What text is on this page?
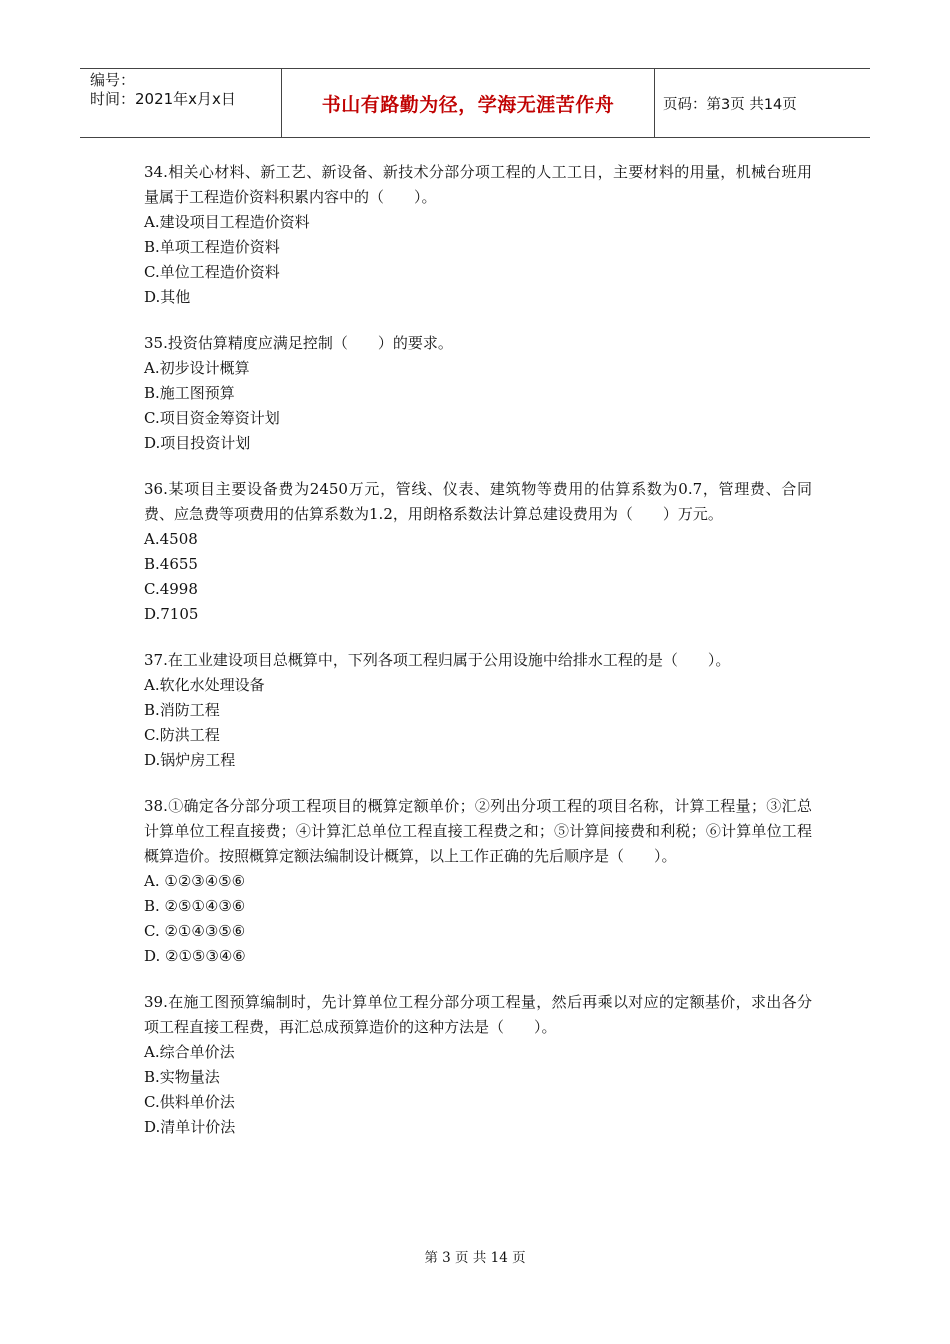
编号：
时间：2021年x月x日	书山有路勤为径，学海无涯苦作舟	页码：第3页 共14页
34.相关心材料、新工艺、新设备、新技术分部分项工程的人工工日，主要材料的用量，机械台班用量属于工程造价资料积累内容中的（　　）。
A.建设项目工程造价资料
B.单项工程造价资料
C.单位工程造价资料
D.其他
35.投资估算精度应满足控制（　　）的要求。
A.初步设计概算
B.施工图预算
C.项目资金筹资计划
D.项目投资计划
36.某项目主要设备费为2450万元，管线、仪表、建筑物等费用的估算系数为0.7，管理费、合同费、应急费等项费用的估算系数为1.2，用朗格系数法计算总建设费用为（　　）万元。
A.4508
B.4655
C.4998
D.7105
37.在工业建设项目总概算中，下列各项工程归属于公用设施中给排水工程的是（　　）。
A.软化水处理设备
B.消防工程
C.防洪工程
D.锅炉房工程
38.①确定各分部分项工程项目的概算定额单价；②列出分项工程的项目名称，计算工程量；③汇总计算单位工程直接费；④计算汇总单位工程直接工程费之和；⑤计算间接费和利税；⑥计算单位工程概算造价。按照概算定额法编制设计概算，以上工作正确的先后顺序是（　　）。
A. ①②③④⑤⑥
B. ②⑤①④③⑥
C. ②①④③⑤⑥
D. ②①⑤③④⑥
39.在施工图预算编制时，先计算单位工程分部分项工程量，然后再乘以对应的定额基价，求出各分项工程直接工程费，再汇总成预算造价的这种方法是（　　）。
A.综合单价法
B.实物量法
C.供料单价法
D.清单计价法
第 3 页 共 14 页
